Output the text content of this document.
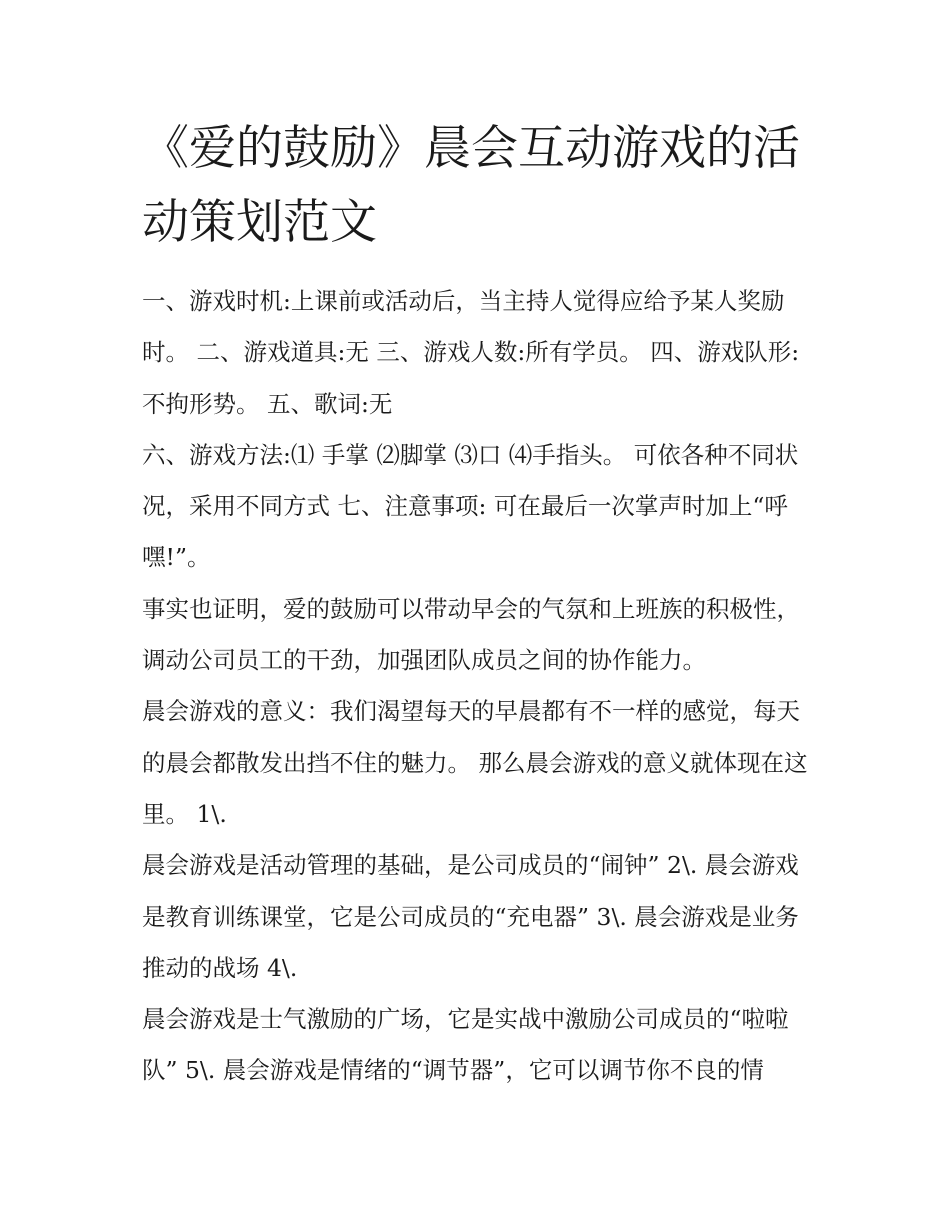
《爱的鼓励》晨会互动游戏的活动策划范文

一、游戏时机:上课前或活动后，当主持人觉得应给予某人奖励时。 二、游戏道具:无 三、游戏人数:所有学员。 四、游戏队形:不拘形势。 五、歌词:无

六、游戏方法:⑴ 手掌 ⑵脚掌 ⑶口 ⑷手指头。 可依各种不同状况，采用不同方式 七、注意事项: 可在最后一次掌声时加上“呼嘿!”。

事实也证明，爱的鼓励可以带动早会的气氛和上班族的积极性，调动公司员工的干劲，加强团队成员之间的协作能力。

晨会游戏的意义：我们渴望每天的早晨都有不一样的感觉，每天的晨会都散发出挡不住的魅力。 那么晨会游戏的意义就体现在这里。 1\.

晨会游戏是活动管理的基础，是公司成员的“闹钟” 2\. 晨会游戏是教育训练课堂，它是公司成员的“充电器” 3\. 晨会游戏是业务推动的战场 4\.

晨会游戏是士气激励的广场，它是实战中激励公司成员的“啦啦队” 5\. 晨会游戏是情绪的“调节器”，它可以调节你不良的情
